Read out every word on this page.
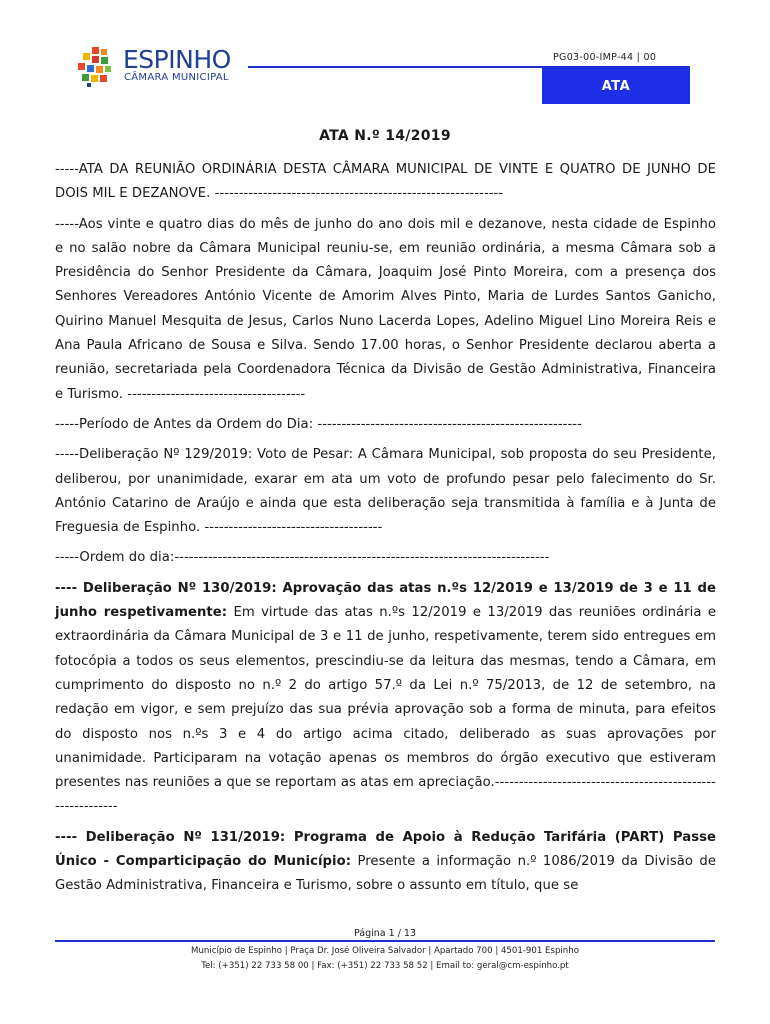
ESPINHO
CÂMARA MUNICIPAL
PG03-00-IMP-44 | 00
ATA
ATA N.º 14/2019

-----ATA DA REUNIÃO ORDINÁRIA DESTA CÂMARA MUNICIPAL DE VINTE E QUATRO DE JUNHO DE DOIS MIL E DEZANOVE. ------------------------------------------------------------

-----Aos vinte e quatro dias do mês de junho do ano dois mil e dezanove, nesta cidade de Espinho e no salão nobre da Câmara Municipal reuniu-se, em reunião ordinária, a mesma Câmara sob a Presidência do Senhor Presidente da Câmara, Joaquim José Pinto Moreira, com a presença dos Senhores Vereadores António Vicente de Amorim Alves Pinto, Maria de Lurdes Santos Ganicho, Quirino Manuel Mesquita de Jesus, Carlos Nuno Lacerda Lopes, Adelino Miguel Lino Moreira Reis e Ana Paula Africano de Sousa e Silva. Sendo 17.00 horas, o Senhor Presidente declarou aberta a reunião, secretariada pela Coordenadora Técnica da Divisão de Gestão Administrativa, Financeira e Turismo. -------------------------------------

-----Período de Antes da Ordem do Dia: -------------------------------------------------------

-----Deliberação Nº 129/2019: Voto de Pesar: A Câmara Municipal, sob proposta do seu Presidente, deliberou, por unanimidade, exarar em ata um voto de profundo pesar pelo falecimento do Sr. António Catarino de Araújo e ainda que esta deliberação seja transmitida à família e à Junta de Freguesia de Espinho. -------------------------------------

-----Ordem do dia:------------------------------------------------------------------------------

---- Deliberação Nº 130/2019: Aprovação das atas n.ºs 12/2019 e 13/2019 de 3 e 11 de junho respetivamente: Em virtude das atas n.ºs 12/2019 e 13/2019 das reuniões ordinária e extraordinária da Câmara Municipal de 3 e 11 de junho, respetivamente, terem sido entregues em fotocópia a todos os seus elementos, prescindiu-se da leitura das mesmas, tendo a Câmara, em cumprimento do disposto no n.º 2 do artigo 57.º da Lei n.º 75/2013, de 12 de setembro, na redação em vigor, e sem prejuízo das sua prévia aprovação sob a forma de minuta, para efeitos do disposto nos n.ºs 3 e 4 do artigo acima citado, deliberado as suas aprovações por unanimidade. Participaram na votação apenas os membros do órgão executivo que estiveram presentes nas reuniões a que se reportam as atas em apreciação.-----------------------------------------------------------

---- Deliberação Nº 131/2019: Programa de Apoio à Redução Tarifária (PART) Passe Único - Comparticipação do Município: Presente a informação n.º 1086/2019 da Divisão de Gestão Administrativa, Financeira e Turismo, sobre o assunto em título, que se

Página 1 / 13
Município de Espinho | Praça Dr. José Oliveira Salvador | Apartado 700 | 4501-901 Espinho
Tel: (+351) 22 733 58 00 | Fax: (+351) 22 733 58 52 | Email to: geral@cm-espinho.pt
